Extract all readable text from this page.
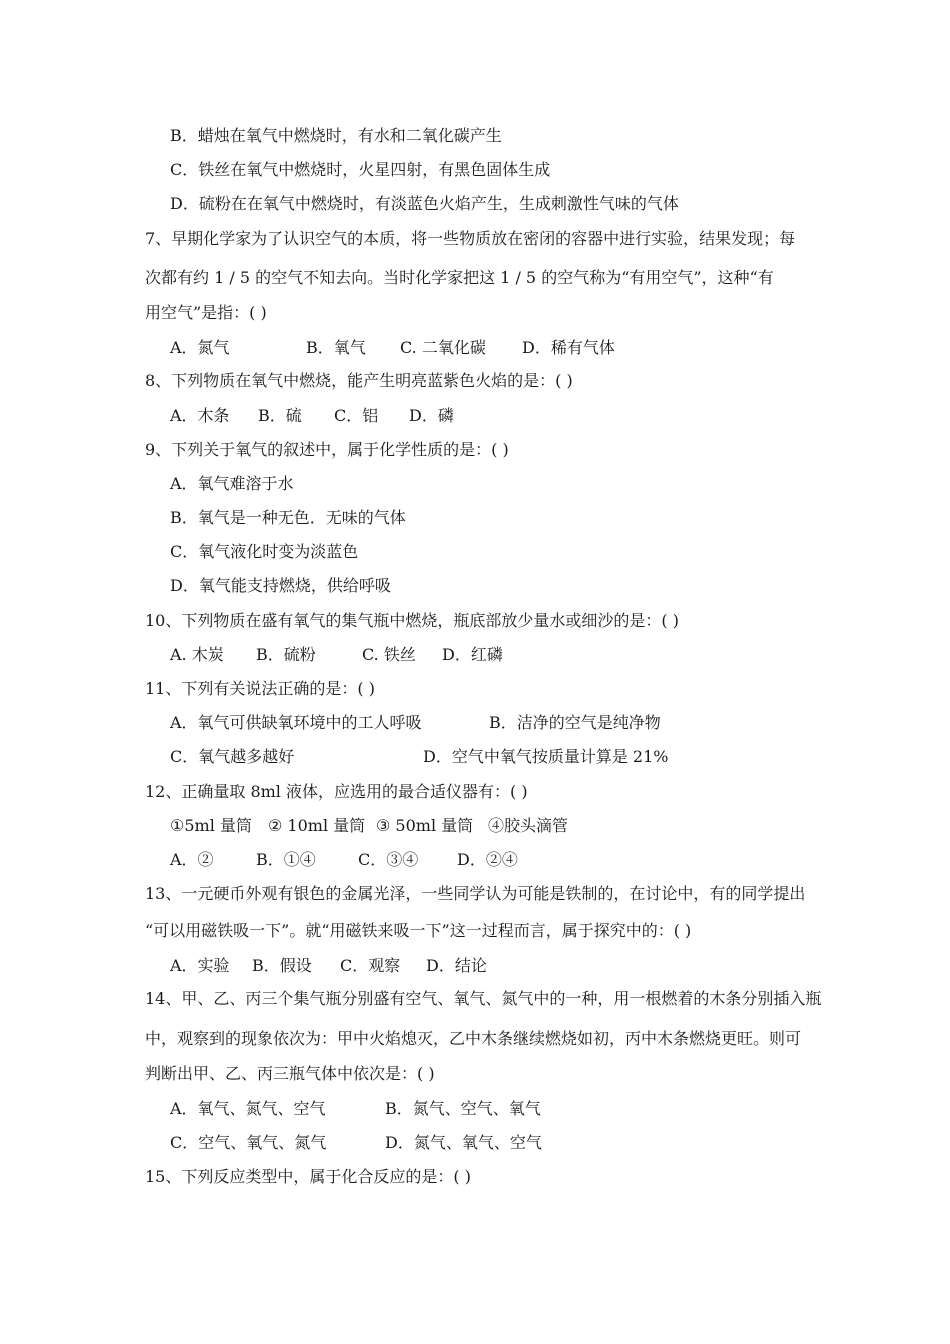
B．蜡烛在氧气中燃烧时，有水和二氧化碳产生
C．铁丝在氧气中燃烧时，火星四射，有黑色固体生成
D．硫粉在在氧气中燃烧时，有淡蓝色火焰产生，生成刺激性气味的气体
7、早期化学家为了认识空气的本质，将一些物质放在密闭的容器中进行实验，结果发现；每
次都有约 1 / 5 的空气不知去向。当时化学家把这 1 / 5 的空气称为“有用空气”，这种“有
用空气”是指：( )
A．氮气	B．氧气 C. 二氧化碳 D．稀有气体
8、下列物质在氧气中燃烧，能产生明亮蓝紫色火焰的是：( )
A．木条 B．硫 C．铝 D．磷
9、下列关于氧气的叙述中，属于化学性质的是：( )
A．氧气难溶于水
B．氧气是一种无色．无味的气体
C．氧气液化时变为淡蓝色
D．氧气能支持燃烧，供给呼吸
10、下列物质在盛有氧气的集气瓶中燃烧，瓶底部放少量水或细沙的是：( )
A. 木炭 B．硫粉	C. 铁丝 D．红磷
11、下列有关说法正确的是：( )
A．氧气可供缺氧环境中的工人呼吸	B．洁净的空气是纯净物
C．氧气越多越好	D．空气中氧气按质量计算是 21%
12、正确量取 8ml 液体，应选用的最合适仪器有：( )
①5ml 量筒 ② 10ml 量筒 ③ 50ml 量筒 ④胶头滴管
A．②	B．①④	C．③④ D．②④
13、一元硬币外观有银色的金属光泽，一些同学认为可能是铁制的，在讨论中，有的同学提出
“可以用磁铁吸一下”。就“用磁铁来吸一下”这一过程而言，属于探究中的：( )
A．实验 B．假设 C．观察 D．结论
14、甲、乙、丙三个集气瓶分别盛有空气、氧气、氮气中的一种，用一根燃着的木条分别插入瓶
中，观察到的现象依次为：甲中火焰熄灭，乙中木条继续燃烧如初，丙中木条燃烧更旺。则可
判断出甲、乙、丙三瓶气体中依次是：( )
A．氧气、氮气、空气	B．氮气、空气、氧气
C．空气、氧气、氮气	D．氮气、氧气、空气
15、下列反应类型中，属于化合反应的是：( )
